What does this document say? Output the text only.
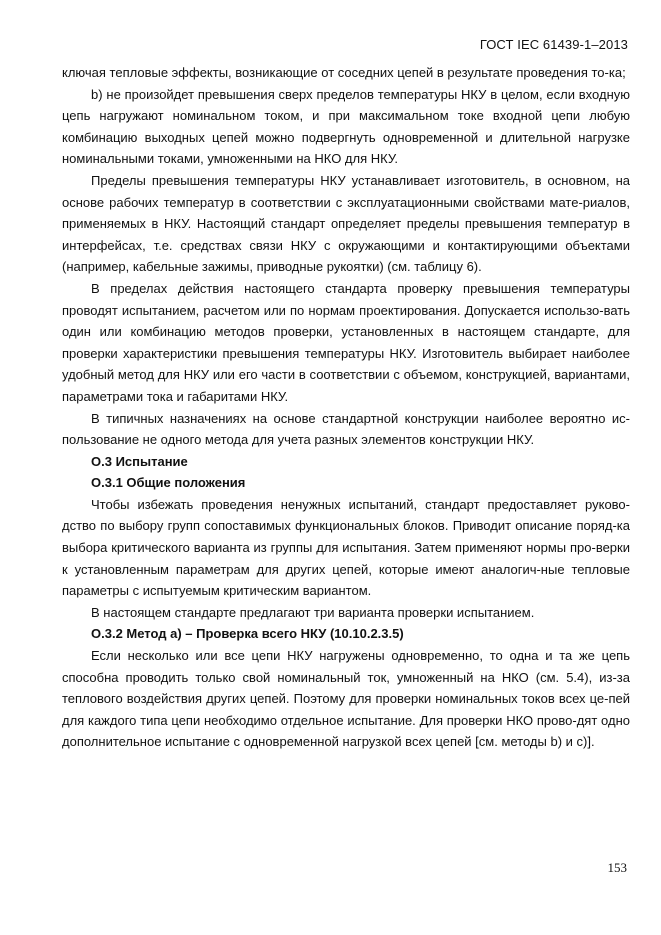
ГОСТ IEC 61439-1–2013

ключая тепловые эффекты, возникающие от соседних цепей в результате проведения то-ка;

b) не произойдет превышения сверх пределов температуры НКУ в целом, если входную цепь нагружают номинальном током, и при максимальном токе входной цепи любую комбинацию выходных цепей можно подвергнуть одновременной и длительной нагрузке номинальными токами, умноженными на НКО для НКУ.

Пределы превышения температуры НКУ устанавливает изготовитель, в основном, на основе рабочих температур в соответствии с эксплуатационными свойствами мате-риалов, применяемых в НКУ. Настоящий стандарт определяет пределы превышения температур в интерфейсах, т.е. средствах связи НКУ с окружающими и контактирующими объектами (например, кабельные зажимы, приводные рукоятки) (см. таблицу 6).

В пределах действия настоящего стандарта проверку превышения температуры проводят испытанием, расчетом или по нормам проектирования. Допускается использо-вать один или комбинацию методов проверки, установленных в настоящем стандарте, для проверки характеристики превышения температуры НКУ. Изготовитель выбирает наиболее удобный метод для НКУ или его части в соответствии с объемом, конструкцией, вариантами, параметрами тока и габаритами НКУ.

В типичных назначениях на основе стандартной конструкции наиболее вероятно ис-пользование не одного метода для учета разных элементов конструкции НКУ.

О.3 Испытание

О.3.1 Общие положения

Чтобы избежать проведения ненужных испытаний, стандарт предоставляет руково-дство по выбору групп сопоставимых функциональных блоков. Приводит описание поряд-ка выбора критического варианта из группы для испытания. Затем применяют нормы про-верки к установленным параметрам для других цепей, которые имеют аналогич-ные тепловые параметры с испытуемым критическим вариантом.

В настоящем стандарте предлагают три варианта проверки испытанием.

О.3.2 Метод а) – Проверка всего НКУ (10.10.2.3.5)

Если несколько или все цепи НКУ нагружены одновременно, то одна и та же цепь способна проводить только свой номинальный ток, умноженный на НКО (см. 5.4), из-за теплового воздействия других цепей. Поэтому для проверки номинальных токов всех це-пей для каждого типа цепи необходимо отдельное испытание. Для проверки НКО прово-дят одно дополнительное испытание с одновременной нагрузкой всех цепей [см. методы b) и с)].

153
